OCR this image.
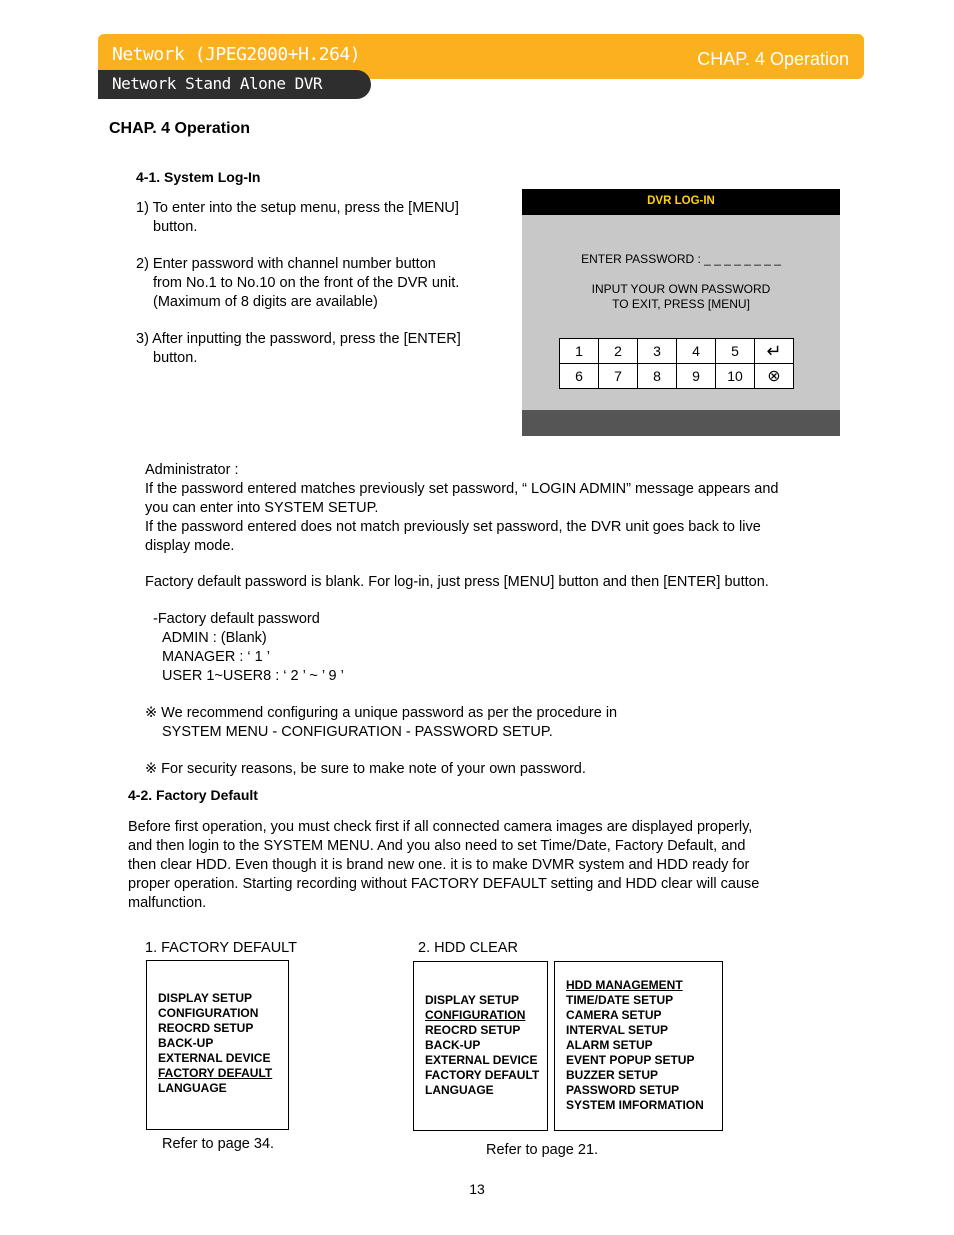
Network (JPEG2000+H.264)
Network Stand Alone DVR
CHAP. 4 Operation
CHAP. 4 Operation
4-1. System Log-In
1) To enter into the setup menu, press the [MENU]
button.
2) Enter password with channel number button
from No.1 to No.10 on the front of the DVR unit.
(Maximum of 8 digits are available)
3) After inputting the password, press the [ENTER]
button.
DVR LOG-IN
ENTER PASSWORD : _ _ _ _ _ _ _ _
INPUT YOUR OWN PASSWORD
TO EXIT, PRESS [MENU]
1	2	3	4	5	↵
6	7	8	9	10	⊗
Administrator :
If the password entered matches previously set password, “ LOGIN ADMIN” message appears and
you can enter into SYSTEM SETUP.
If the password entered does not match previously set password, the DVR unit goes back to live
display mode.
Factory default password is blank. For log-in, just press [MENU] button and then [ENTER] button.
-Factory default password
ADMIN : (Blank)
MANAGER : ‘ 1 ’
USER 1~USER8 : ‘ 2 ’ ~ ’ 9 ’
※ We recommend configuring a unique password as per the procedure in
SYSTEM MENU - CONFIGURATION - PASSWORD SETUP.
※ For security reasons, be sure to make note of your own password.
4-2. Factory Default
Before first operation, you must check first if all connected camera images are displayed properly,
and then login to the SYSTEM MENU. And you also need to set Time/Date, Factory Default, and
then clear HDD. Even though it is brand new one. it is to make DVMR system and HDD ready for
proper operation. Starting recording without FACTORY DEFAULT setting and HDD clear will cause
malfunction.
1. FACTORY DEFAULT
DISPLAY SETUP
CONFIGURATION
REOCRD SETUP
BACK-UP
EXTERNAL DEVICE
FACTORY DEFAULT
LANGUAGE
Refer to page 34.
2. HDD CLEAR
DISPLAY SETUP
CONFIGURATION
REOCRD SETUP
BACK-UP
EXTERNAL DEVICE
FACTORY DEFAULT
LANGUAGE
HDD MANAGEMENT
TIME/DATE SETUP
CAMERA SETUP
INTERVAL SETUP
ALARM SETUP
EVENT POPUP SETUP
BUZZER SETUP
PASSWORD SETUP
SYSTEM IMFORMATION
Refer to page 21.
13
